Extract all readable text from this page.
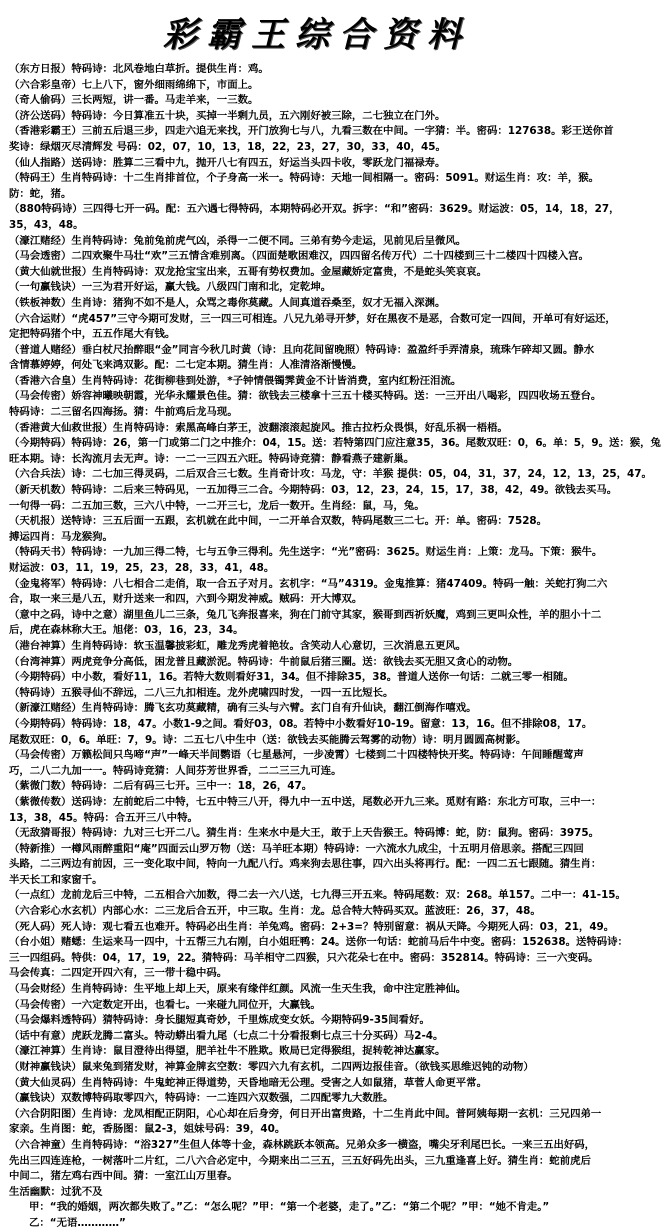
彩霸王综合资料
（东方日报）特码诗：北风卷地白草折。提供生肖：鸡。
（六合彩皇帝）七上八下，窗外细雨绵绵下，市面上。
（奇人偷码）三长两短，讲一番。马走羊来，一三数。
（济公送码）特码诗：今日算准五十块，买掉一半剩九员，五六刚好被三除，二七独立在门外。
（香港彩霸王）三前五后退三步，四走六追无来找，开门放狗七与八，九看三数在中间。一字猜：半。密码：127638。彩王送你首
奖诗：绿烟灭尽清辉发 号码：02，07，10，13，18，22，23，27，30，33，40，45。
（仙人指路）送码诗：胜算二三看中九，抛开八七有四五，好运当头四卡收，零跃龙门福禄寿。
（特码王）生肖特码诗：十二生肖排首位，个子身高一米一。特码诗：天地一间相隔一。密码：5091。财运生肖：攻：羊，猴。
防：蛇，猪。
（880特码诗）三四得七开一码。配：五六遇七得特码，本期特码必开双。拆字：“和”密码：3629。财运波：05，14，18，27，
35，43，48。
（濠江赌经）生肖特码诗：兔前兔前虎气凶，杀得一二便不同。三弟有势今走运，见前见后呈微风。
（马会透密）二四欢聚牛马壮“欢”三五情含难别离。（四面楚歌困难汉，四四留名传万代）二十四楼到三十二楼四十四楼入宫。
（黄大仙就世报）生肖特码诗：双龙抢宝宝出来，五哥有势权费加。金屋藏娇定富贵，不是蛇头笑哀哀。
（一句赢钱诀）一三为君开好运，赢大钱。八级四门南和北，定乾坤。
（铁板神数）生肖诗：猪狗不如不是人，众骂之毒你莫藏。人间真道吞桑至，奴才无福入深渊。
（六合运财）“虎457”三守今期可发财，三一四三可相连。八兄九弟寻开梦，好在黑夜不是恶，合数可定一四间，开单可有好运还，
定把特码猪个中，五五作尾大有钱。
（普道人赌经）垂白杖尺抬醉眼“金”同言今秋几时黄（诗：且向花间留晚照）特码诗：盈盈纤手弄清泉，琉珠乍碎却又圆。静水
含情慕婷婷，何处飞来鸿双影。配：二七定本期。猜生肖：人准清洛渐慢慢。
（香港六合皇）生肖特码诗：花街柳巷到处游，*子钟情偎镯霁黄金不计皆消费，室内红粉汪泪流。
（马会传密）娇容神曦映朝霞，光华永耀景色佳。猜：欲钱去三楼拿十三五十楼买特码。送：一三开出八喝彩，四四收场五登台。
特码诗：二三留名四海扬。猜：牛前鸡后龙马现。
（香港黄大仙救世报）生肖特码诗：索黑高峰白茅王，波翻滚滚起旋风。推古拉朽众畏惧，好乱乐祸一梧梧。
（今期特码）特码诗：26，第一门或第二门之中推介：04，15。送：若特第四门应注意35，36。尾数双旺：0，6。单：5，9。送：猴，兔
旺本期。诗：长沟流月去无声。诗：一二一三四五六旺。特码诗竞猜：静看燕子建新巢。
（六合兵法）诗：二七加三得灵码，二后双合三七数。生肖奇计攻：马龙，守：羊猴 提供：05，04，31，37，24，12，13，25，47。
（新天机数）特码诗：二后来三特码见，一五加得三二合。今期特码：03，12，23，24，15，17，38，42，49。欲钱去买马。
一句得一码：二五加三数，三六八中特，一二开三七，龙后一数开。生肖经：鼠，马，兔。
（天机报）送特诗：三五后面一五跟，玄机就在此中间，一二开单合双数，特码尾数三二七。开：单。密码：7528。
搏运四肖：马龙猴狗。
（特码天书）特码诗：一九加三得二特，七与五争三得利。先生送字：“光”密码：3625。财运生肖：上策：龙马。下策：猴牛。
财运波：03，11，19，25，23，28，33，41，48。
（金鬼将军）特码诗：八七相合二走俏，取一合五子对月。玄机字：“马”4319。金鬼推算：猪47409。特码一触：关蛇打狗二六
合，取一来三是八五，财升送来一和四，六到今期发神威。贼码：开大博双。
（意中之码，诗中之意）湖里鱼儿二三条，兔几飞奔报喜来，狗在门前守其家，猴哥到西祈妖魔，鸡到三更叫众性，羊的胆小十二
后，虎在森林称大王。旭佬：03，16，23，34。
（港台神算）生肖特码诗：软玉温馨披彩虹，雕龙秀虎着艳妆。含笑动人心意切，三次消息五更风。
（台湾神算）两虎竞争分高低，困龙普且藏淤泥。特码诗：牛前鼠后猪三圈。送：欲钱去买无胆又贪心的动物。
（今期特码）中小数，看好11，16。若特大数则看好31，34。但不排除35，38。普道人送你一句话：二就三零一相随。
（特码诗）五猴寻仙不辞远，二八三九扣相连。龙外虎啸四时发，一四一五比短长。
（新濠江赌经）生肖特码诗：腾飞玄功莫藏精，确有三头与六臂。玄门自有升仙诀，翻江倒海作嘻戏。
（今期特码）特码诗：18，47。小数1-9之间。看好03，08。若特中小数看好10-19。留意：13，16。但不排除08，17。
尾数双旺：0，6。单旺：7，9。诗：二五七八中生中（送：欲钱去买能腾云驾雾的动物）诗：明月圆圆高树影。
（马会传密）万籁松间只鸟啼“声”一峰天半间鹦语（七星悬河，一步凌霄）七楼到二十四楼特快开奖。特码诗：午间睡醒莺声
巧，二八二九加一一。特码诗竞猜：人间芬芳世界香，二二三三九可连。
（紫微门数）特码诗：二后有码三七开。三中一：18，26，47。
（紫微传数）送码诗：左前蛇后二中特，七五中特三八开，得九中一五中送，尾数必开九三来。觅财有路：东北方可取，三中一：
13，38，45。特码：合五开三八中特。
（无敌猜哥报）特码诗：九对三七开二八。猜生肖：生来水中是大王，敢于上天告猴王。特码博：蛇，防：鼠狗。密码：3975。
（特新推）一樽风雨醉重阳“庵”四面云山罗万物（送：马羊旺本期）特码诗：一六流水九成尘，十五明月倍思亲。搭配三四回
头路，二三两边有前因，三一变化取中间，特向一九配八行。鸡来狗去思往事，四六出头将再行。配：一四二五七跟随。猜生肖：
半天长工和家窗千。
（一点红）龙前龙后三中特，二五相合六加数，得二去一六八送，七九得三开五来。特码尾数：双：268。单157。二中一：41-15。
（六合彩心水玄机）内部心水：二三龙后合五开，中三取。生肖：龙。总合特大特码买双。蓝波旺：26，37，48。
（死人码）死人诗：观七看五也难开。特码必出生肖：羊兔鸡。密码：2+3=？特别留意：祸从天降。今期死人码：03，21，49。
（台小姐）赌蟋：生运来马一四中，十五帮三九右刚，白小姐旺鸭：24。送你一句话：蛇前马后牛中变。密码：152638。送特码诗：
三一四组码。特供：04，17，19，22。猜特码：马羊相守二四猴，只六花朵七在中。密码：352814。特码诗：三一六变码。
马会传真：二四定开四六有，三一带十稳中码。
（马会财经）生肖特码诗：生平地上却上天，原来有缘伴红颜。风流一生天生我，命中注定胜神仙。
（马会传密）一六定数定开出，也看七。一来碰九同位开，大赢钱。
（马会爆料透特码）猜特码诗：身长腿短真奇妙，千里炼成变女妖。今期特码9-35间看好。
（话中有意）虎跃龙腾二富头。特动蟒出看九尾（七点二十分看报剩七点三十分买码）马2-4。
（濠江神算）生肖诗：鼠目澄待出得望，肥羊社牛不胜欺。败局已定得猴组，捉转乾神达赢家。
（财神赢钱诀）鼠来兔到猪发财，神算金牌玄空数：零四六九有玄机，二四两边报佳音。（欲钱买思维迟钝的动物）
（黄大仙灵码）生肖特码诗：牛鬼蛇神正得道势，天昏地暗无公理。受害之人如鼠猪，草菅人命更平常。
（赢钱诀）双数博特码取零四六，特码诗：一二连四六双数强，二四配零九大数胜。
（六合阴阳图）生肖诗：龙凤相配正阴阳，心心却在后身旁，何日开出富贵路，十二生肖此中间。普阿姨每期一玄机：三兄四弟一
家亲。生肖图：蛇，香肠图：鼠2-3，姐妹号码：39，40。
（六合神童）生肖特码诗：“浴327”生但人体等十金，森林跳跃本领高。兄弟众多一横盗，嘴尖牙利尾巴长。一来三五出好码，
先出三四连连枪，一树落叶二片红，二八六合必定中，今期来出二三五，三五好码先出头，三九重逢喜上好。猜生肖：蛇前虎后
中间二，猪左鸡右西中间。猜：一室江山万里春。
生活幽默：过犹不及
甲：“我的婚姻，两次都失败了。”乙：“怎么呢？”甲：“第一个老婆，走了。”乙：“第二个呢？”甲：“她不肯走。”
乙：“无语…………”
